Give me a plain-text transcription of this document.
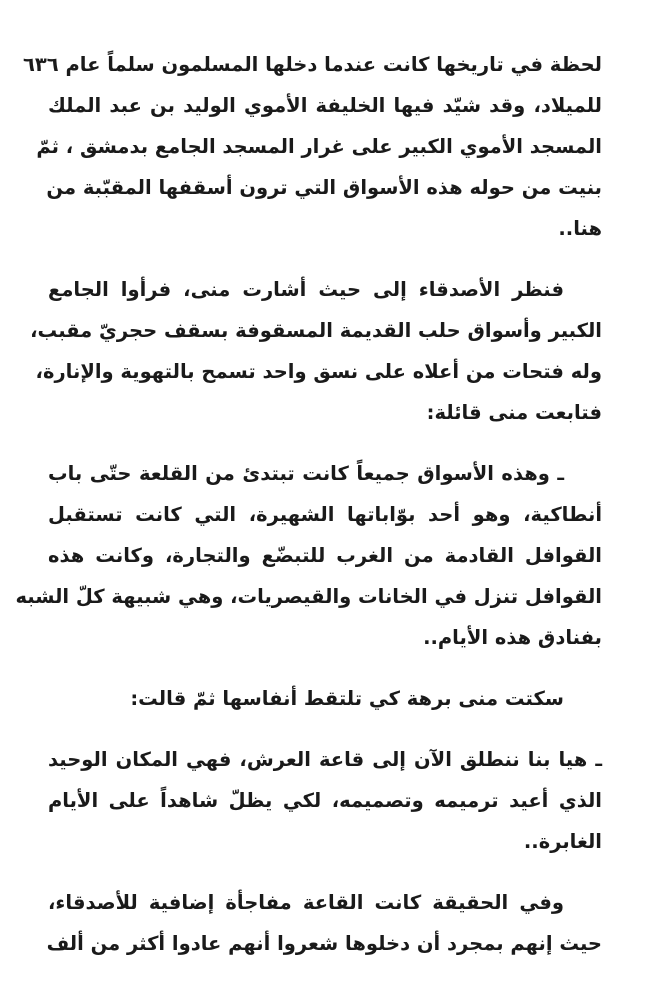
لحظة في تاريخها كانت عندما دخلها المسلمون سلماً عام ٦٣٦
للميلاد، وقد شيّد فيها الخليفة الأموي الوليد بن عبد الملك
المسجد الأموي الكبير على غرار المسجد الجامع بدمشق ، ثمّ
بنيت من حوله هذه الأسواق التي ترون أسقفها المقبّبة من
هنا..
فنظر الأصدقاء إلى حيث أشارت منى، فرأوا الجامع
الكبير وأسواق حلب القديمة المسقوفة بسقف حجريّ مقبب،
وله فتحات من أعلاه على نسق واحد تسمح بالتهوية والإنارة،
فتابعت منى قائلة:
ـ وهذه الأسواق جميعاً كانت تبتدئ من القلعة حتّى باب
أنطاكية، وهو أحد بوّاباتها الشهيرة، التي كانت تستقبل
القوافل القادمة من الغرب للتبضّع والتجارة، وكانت هذه
القوافل تنزل في الخانات والقيصريات، وهي شبيهة كلّ الشبه
بفنادق هذه الأيام..
سكتت منى برهة كي تلتقط أنفاسها ثمّ قالت:
ـ هيا بنا ننطلق الآن إلى قاعة العرش، فهي المكان الوحيد
الذي أعيد ترميمه وتصميمه، لكي يظلّ شاهداً على الأيام
الغابرة..
وفي الحقيقة كانت القاعة مفاجأة إضافية للأصدقاء،
حيث إنهم بمجرد أن دخلوها شعروا أنهم عادوا أكثر من ألف
